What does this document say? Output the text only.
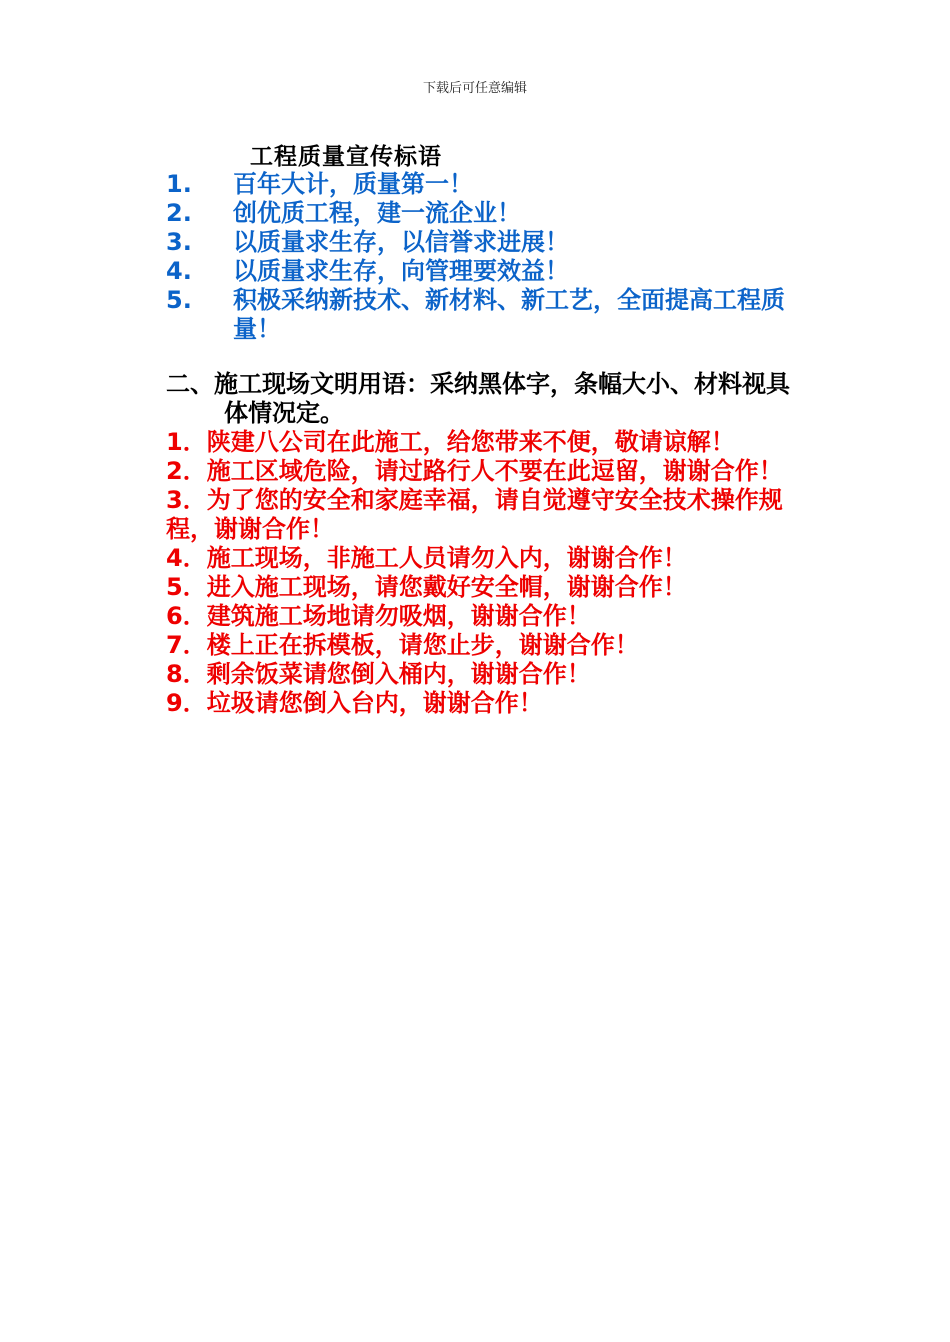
下载后可任意编辑
工程质量宣传标语
1.	百年大计，质量第一！
2.	创优质工程，建一流企业！
3.	以质量求生存，以信誉求进展！
4.	以质量求生存，向管理要效益！
5.	积极采纳新技术、新材料、新工艺，全面提高工程质量！
二、施工现场文明用语：采纳黑体字，条幅大小、材料视具体情况定。
1．陕建八公司在此施工，给您带来不便，敬请谅解！
2．施工区域危险，请过路行人不要在此逗留，谢谢合作！
3．为了您的安全和家庭幸福，请自觉遵守安全技术操作规程，谢谢合作！
4．施工现场，非施工人员请勿入内，谢谢合作！
5．进入施工现场，请您戴好安全帽，谢谢合作！
6．建筑施工场地请勿吸烟，谢谢合作！
7．楼上正在拆模板，请您止步，谢谢合作！
8．剩余饭菜请您倒入桶内，谢谢合作！
9．垃圾请您倒入台内，谢谢合作！
